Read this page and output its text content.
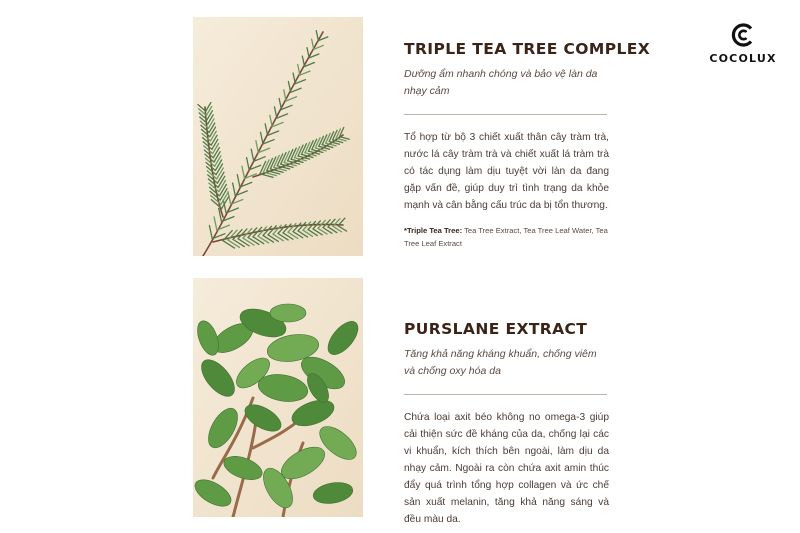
COCOLUX
TRIPLE TEA TREE COMPLEX
Dưỡng ẩm nhanh chóng và bảo vệ làn da nhạy cảm
Tổ hợp từ bộ 3 chiết xuất thân cây tràm trà, nước lá cây tràm trà và chiết xuất lá tràm trà có tác dụng làm dịu tuyệt vời làn da đang gặp vấn đề, giúp duy trì tình trạng da khỏe mạnh và cân bằng cấu trúc da bị tổn thương.
*Triple Tea Tree: Tea Tree Extract, Tea Tree Leaf Water, Tea Tree Leaf Extract
PURSLANE EXTRACT
Tăng khả năng kháng khuẩn, chống viêm và chống oxy hóa da
Chứa loại axit béo không no omega-3 giúp cải thiện sức đề kháng của da, chống lại các vi khuẩn, kích thích bên ngoài, làm dịu da nhạy cảm. Ngoài ra còn chứa axit amin thúc đẩy quá trình tổng hợp collagen và ức chế sản xuất melanin, tăng khả năng sáng và đều màu da.
